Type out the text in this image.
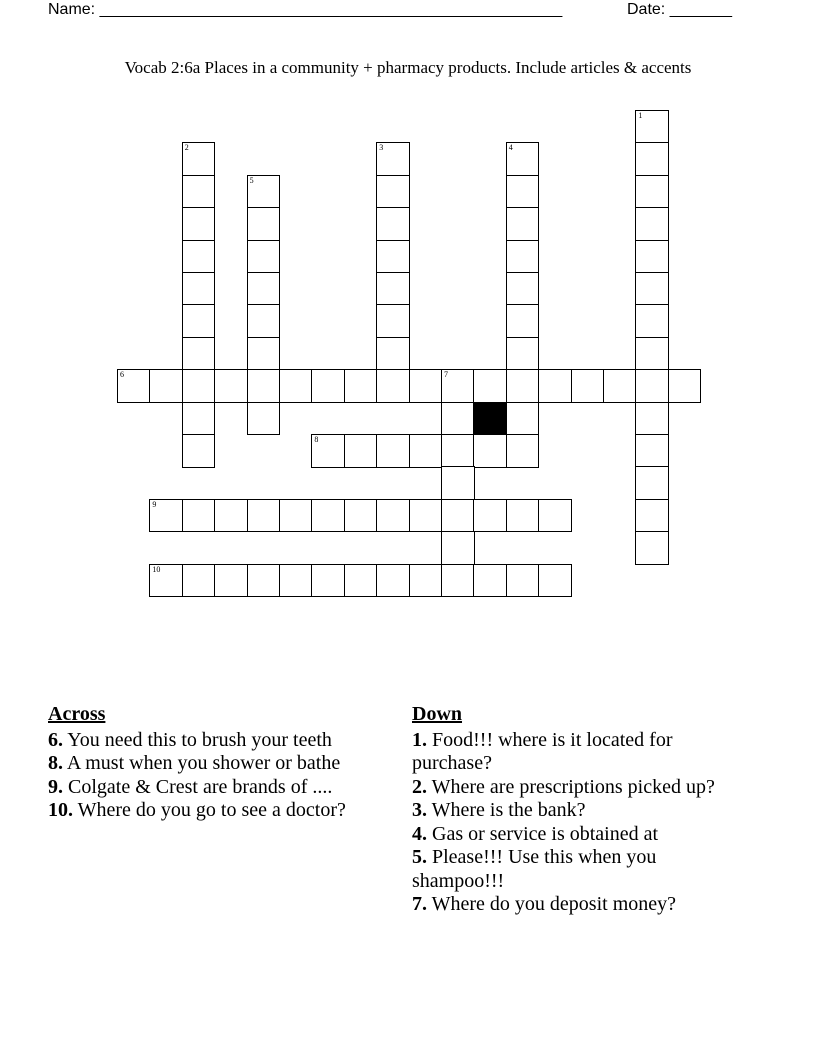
Name: ____________________________________________________	Date: _______
Vocab 2:6a Places in a community + pharmacy products. Include articles & accents
1
2	3	4
5
6	7
8
9
10
Across
6. You need this to brush your teeth
8. A must when you shower or bathe
9. Colgate & Crest are brands of ....
10. Where do you go to see a doctor?
Down
1. Food!!! where is it located for purchase?
2. Where are prescriptions picked up?
3. Where is the bank?
4. Gas or service is obtained at
5. Please!!! Use this when you shampoo!!!
7. Where do you deposit money?
